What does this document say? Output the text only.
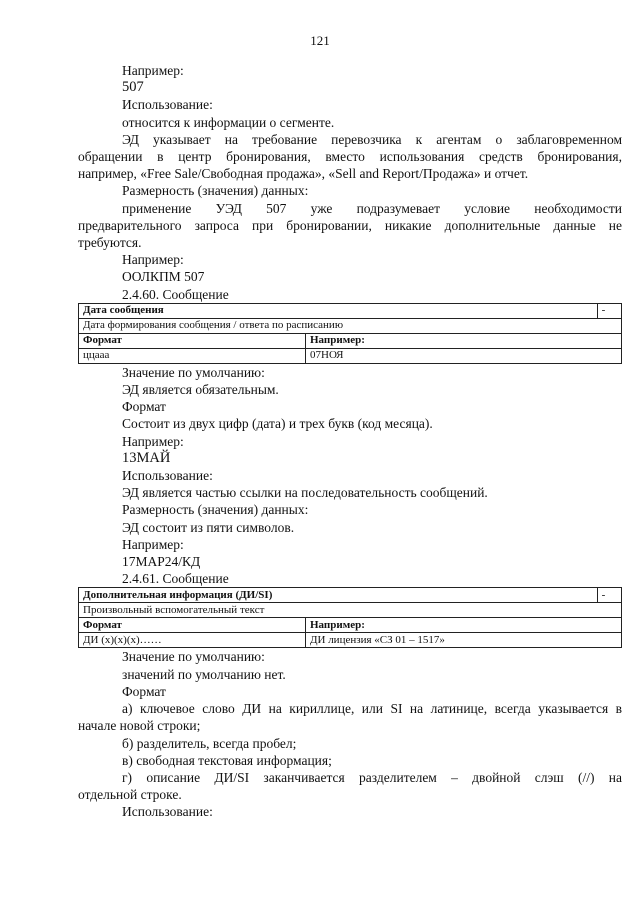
121

Например:

507

Использование:

относится к информации о сегменте.

ЭД указывает на требование перевозчика к агентам о заблаговременном

обращении в центр бронирования, вместо использования средств бронирования,

например, «Free Sale/Свободная продажа», «Sell and Report/Продажа» и отчет.

Размерность (значения) данных:

применение УЭД 507 уже подразумевает условие необходимости

предварительного запроса при бронировании, никакие дополнительные данные не

требуются.

Например:

ООЛКПМ 507

2.4.60. Сообщение

Дата сообщения		-
Дата формирования сообщения / ответа по расписанию		
Формат	Например:	
ццааа	07НОЯ	

Значение по умолчанию:

ЭД является обязательным.

Формат

Состоит из двух цифр (дата) и трех букв (код месяца).

Например:

13МАЙ

Использование:

ЭД является частью ссылки на последовательность сообщений.

Размерность (значения) данных:

ЭД состоит из пяти символов.

Например:

17МАР24/КД

2.4.61. Сообщение

Дополнительная информация (ДИ/SI)		-
Произвольный вспомогательный текст		
Формат	Например:	
ДИ (х)(х)(х)……	ДИ лицензия «СЗ 01 – 1517»	

Значение по умолчанию:

значений по умолчанию нет.

Формат

а) ключевое слово ДИ на кириллице, или SI на латинице, всегда указывается в

начале новой строки;

б) разделитель, всегда пробел;

в) свободная текстовая информация;

г) описание ДИ/SI заканчивается разделителем – двойной слэш (//) на

отдельной строке.

Использование:
